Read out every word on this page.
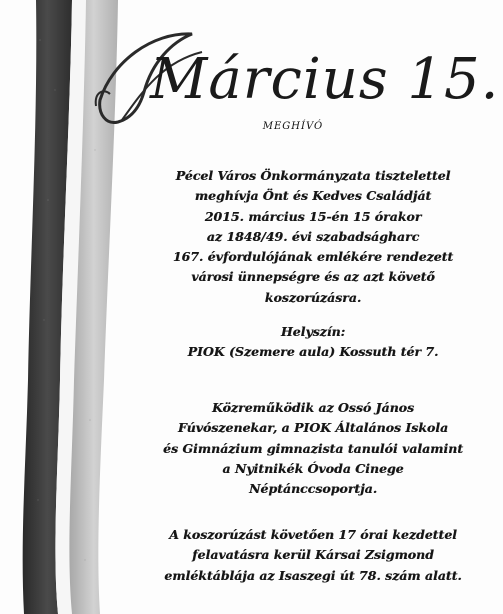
Március 15.
MEGHÍVÓ
Pécel Város Önkormányzata tisztelettel
meghívja Önt és Kedves Családját
2015. március 15-én 15 órakor
az 1848/49. évi szabadságharc
167. évfordulójának emlékére rendezett
városi ünnepségre és az azt követő
koszorúzásra.
Helyszín:
PIOK (Szemere aula) Kossuth tér 7.
Közreműködik az Ossó János
Fúvószenekar, a PIOK Általános Iskola
és Gimnázium gimnazista tanulói valamint
a Nyitnikék Óvoda Cinege
Néptánccsoportja.
A koszorúzást követően 17 órai kezdettel
felavatásra kerül Kársai Zsigmond
emléktáblája az Isaszegi út 78. szám alatt.
